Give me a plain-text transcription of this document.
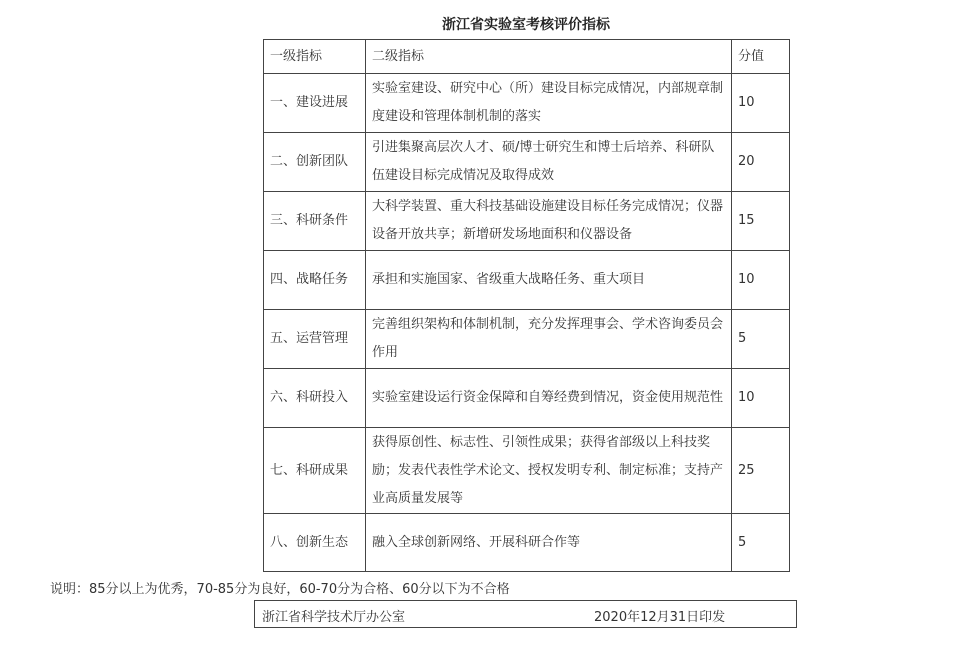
浙江省实验室考核评价指标
一级指标	二级指标	分值
一、建设进展	实验室建设、研究中心（所）建设目标完成情况，内部规章制度建设和管理体制机制的落实	10
二、创新团队	引进集聚高层次人才、硕/博士研究生和博士后培养、科研队伍建设目标完成情况及取得成效	20
三、科研条件	大科学装置、重大科技基础设施建设目标任务完成情况；仪器设备开放共享；新增研发场地面积和仪器设备	15
四、战略任务	承担和实施国家、省级重大战略任务、重大项目	10
五、运营管理	完善组织架构和体制机制，充分发挥理事会、学术咨询委员会作用	5
六、科研投入	实验室建设运行资金保障和自筹经费到情况，资金使用规范性	10
七、科研成果	获得原创性、标志性、引领性成果；获得省部级以上科技奖励；发表代表性学术论文、授权发明专利、制定标准；支持产业高质量发展等	25
八、创新生态	融入全球创新网络、开展科研合作等	5
说明：85分以上为优秀，70-85分为良好，60-70分为合格、60分以下为不合格
浙江省科学技术厅办公室	2020年12月31日印发
